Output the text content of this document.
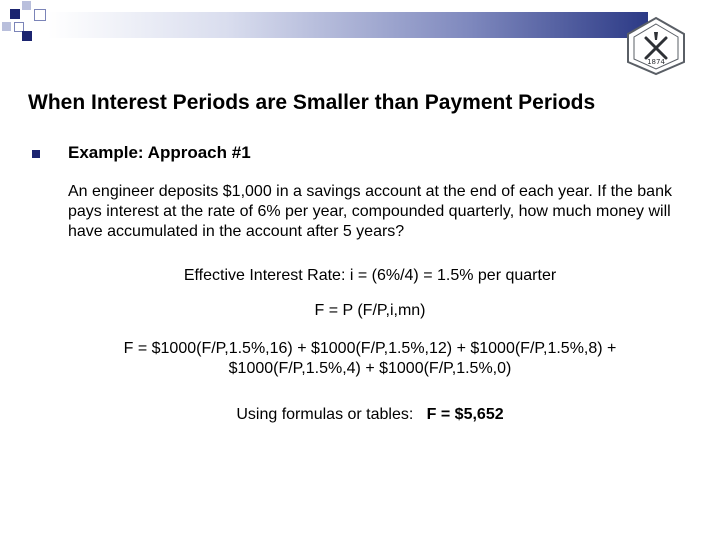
1874
When Interest Periods are Smaller than Payment Periods
Example: Approach #1
An engineer deposits $1,000 in a savings account at the end of each year. If the bank pays interest at the rate of 6% per year, compounded quarterly, how much money will have accumulated in the account after 5 years?
Effective Interest Rate: i = (6%/4) = 1.5% per quarter
F = P (F/P,i,mn)
F = $1000(F/P,1.5%,16) + $1000(F/P,1.5%,12) + $1000(F/P,1.5%,8) +
$1000(F/P,1.5%,4) + $1000(F/P,1.5%,0)
Using formulas or tables:   F = $5,652
